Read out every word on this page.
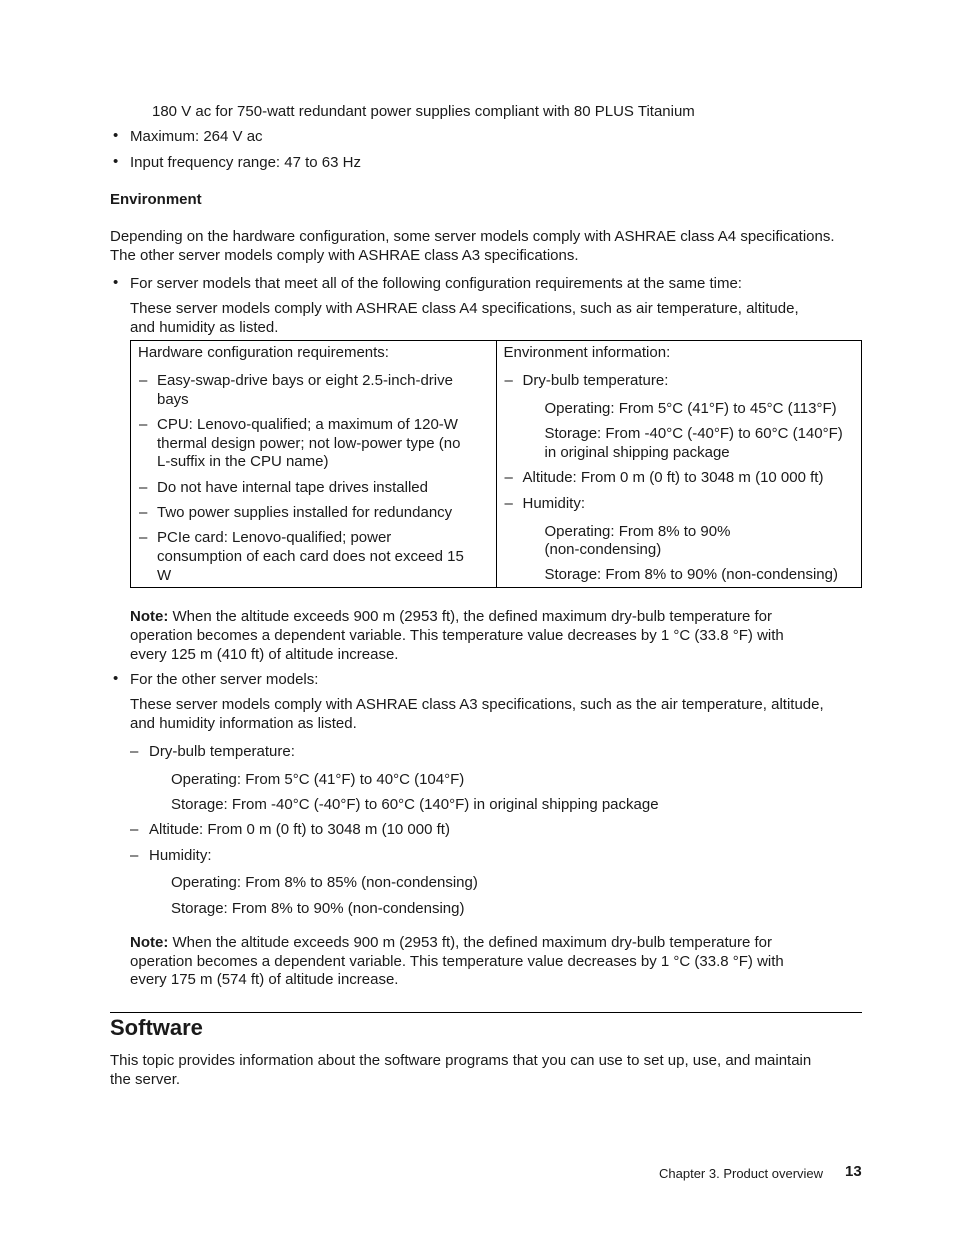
180 V ac for 750-watt redundant power supplies compliant with 80 PLUS Titanium
• Maximum: 264 V ac
• Input frequency range: 47 to 63 Hz
Environment
Depending on the hardware configuration, some server models comply with ASHRAE class A4 specifications.
The other server models comply with ASHRAE class A3 specifications.
• For server models that meet all of the following configuration requirements at the same time:
These server models comply with ASHRAE class A4 specifications, such as air temperature, altitude,
and humidity as listed.
Hardware configuration requirements:
– Easy-swap-drive bays or eight 2.5-inch-drive
bays
– CPU: Lenovo-qualified; a maximum of 120-W
thermal design power; not low-power type (no
L-suffix in the CPU name)
– Do not have internal tape drives installed
– Two power supplies installed for redundancy
– PCIe card: Lenovo-qualified; power
consumption of each card does not exceed 15
W

Environment information:
– Dry-bulb temperature:
Operating: From 5°C (41°F) to 45°C (113°F)
Storage: From -40°C (-40°F) to 60°C (140°F)
in original shipping package
– Altitude: From 0 m (0 ft) to 3048 m (10 000 ft)
– Humidity:
Operating: From 8% to 90%
(non-condensing)
Storage: From 8% to 90% (non-condensing)
Note: When the altitude exceeds 900 m (2953 ft), the defined maximum dry-bulb temperature for
operation becomes a dependent variable. This temperature value decreases by 1 °C (33.8 °F) with
every 125 m (410 ft) of altitude increase.
• For the other server models:
These server models comply with ASHRAE class A3 specifications, such as the air temperature, altitude,
and humidity information as listed.
– Dry-bulb temperature:
Operating: From 5°C (41°F) to 40°C (104°F)
Storage: From -40°C (-40°F) to 60°C (140°F) in original shipping package
– Altitude: From 0 m (0 ft) to 3048 m (10 000 ft)
– Humidity:
Operating: From 8% to 85% (non-condensing)
Storage: From 8% to 90% (non-condensing)
Note: When the altitude exceeds 900 m (2953 ft), the defined maximum dry-bulb temperature for
operation becomes a dependent variable. This temperature value decreases by 1 °C (33.8 °F) with
every 175 m (574 ft) of altitude increase.
Software
This topic provides information about the software programs that you can use to set up, use, and maintain
the server.
Chapter 3. Product overview 13
